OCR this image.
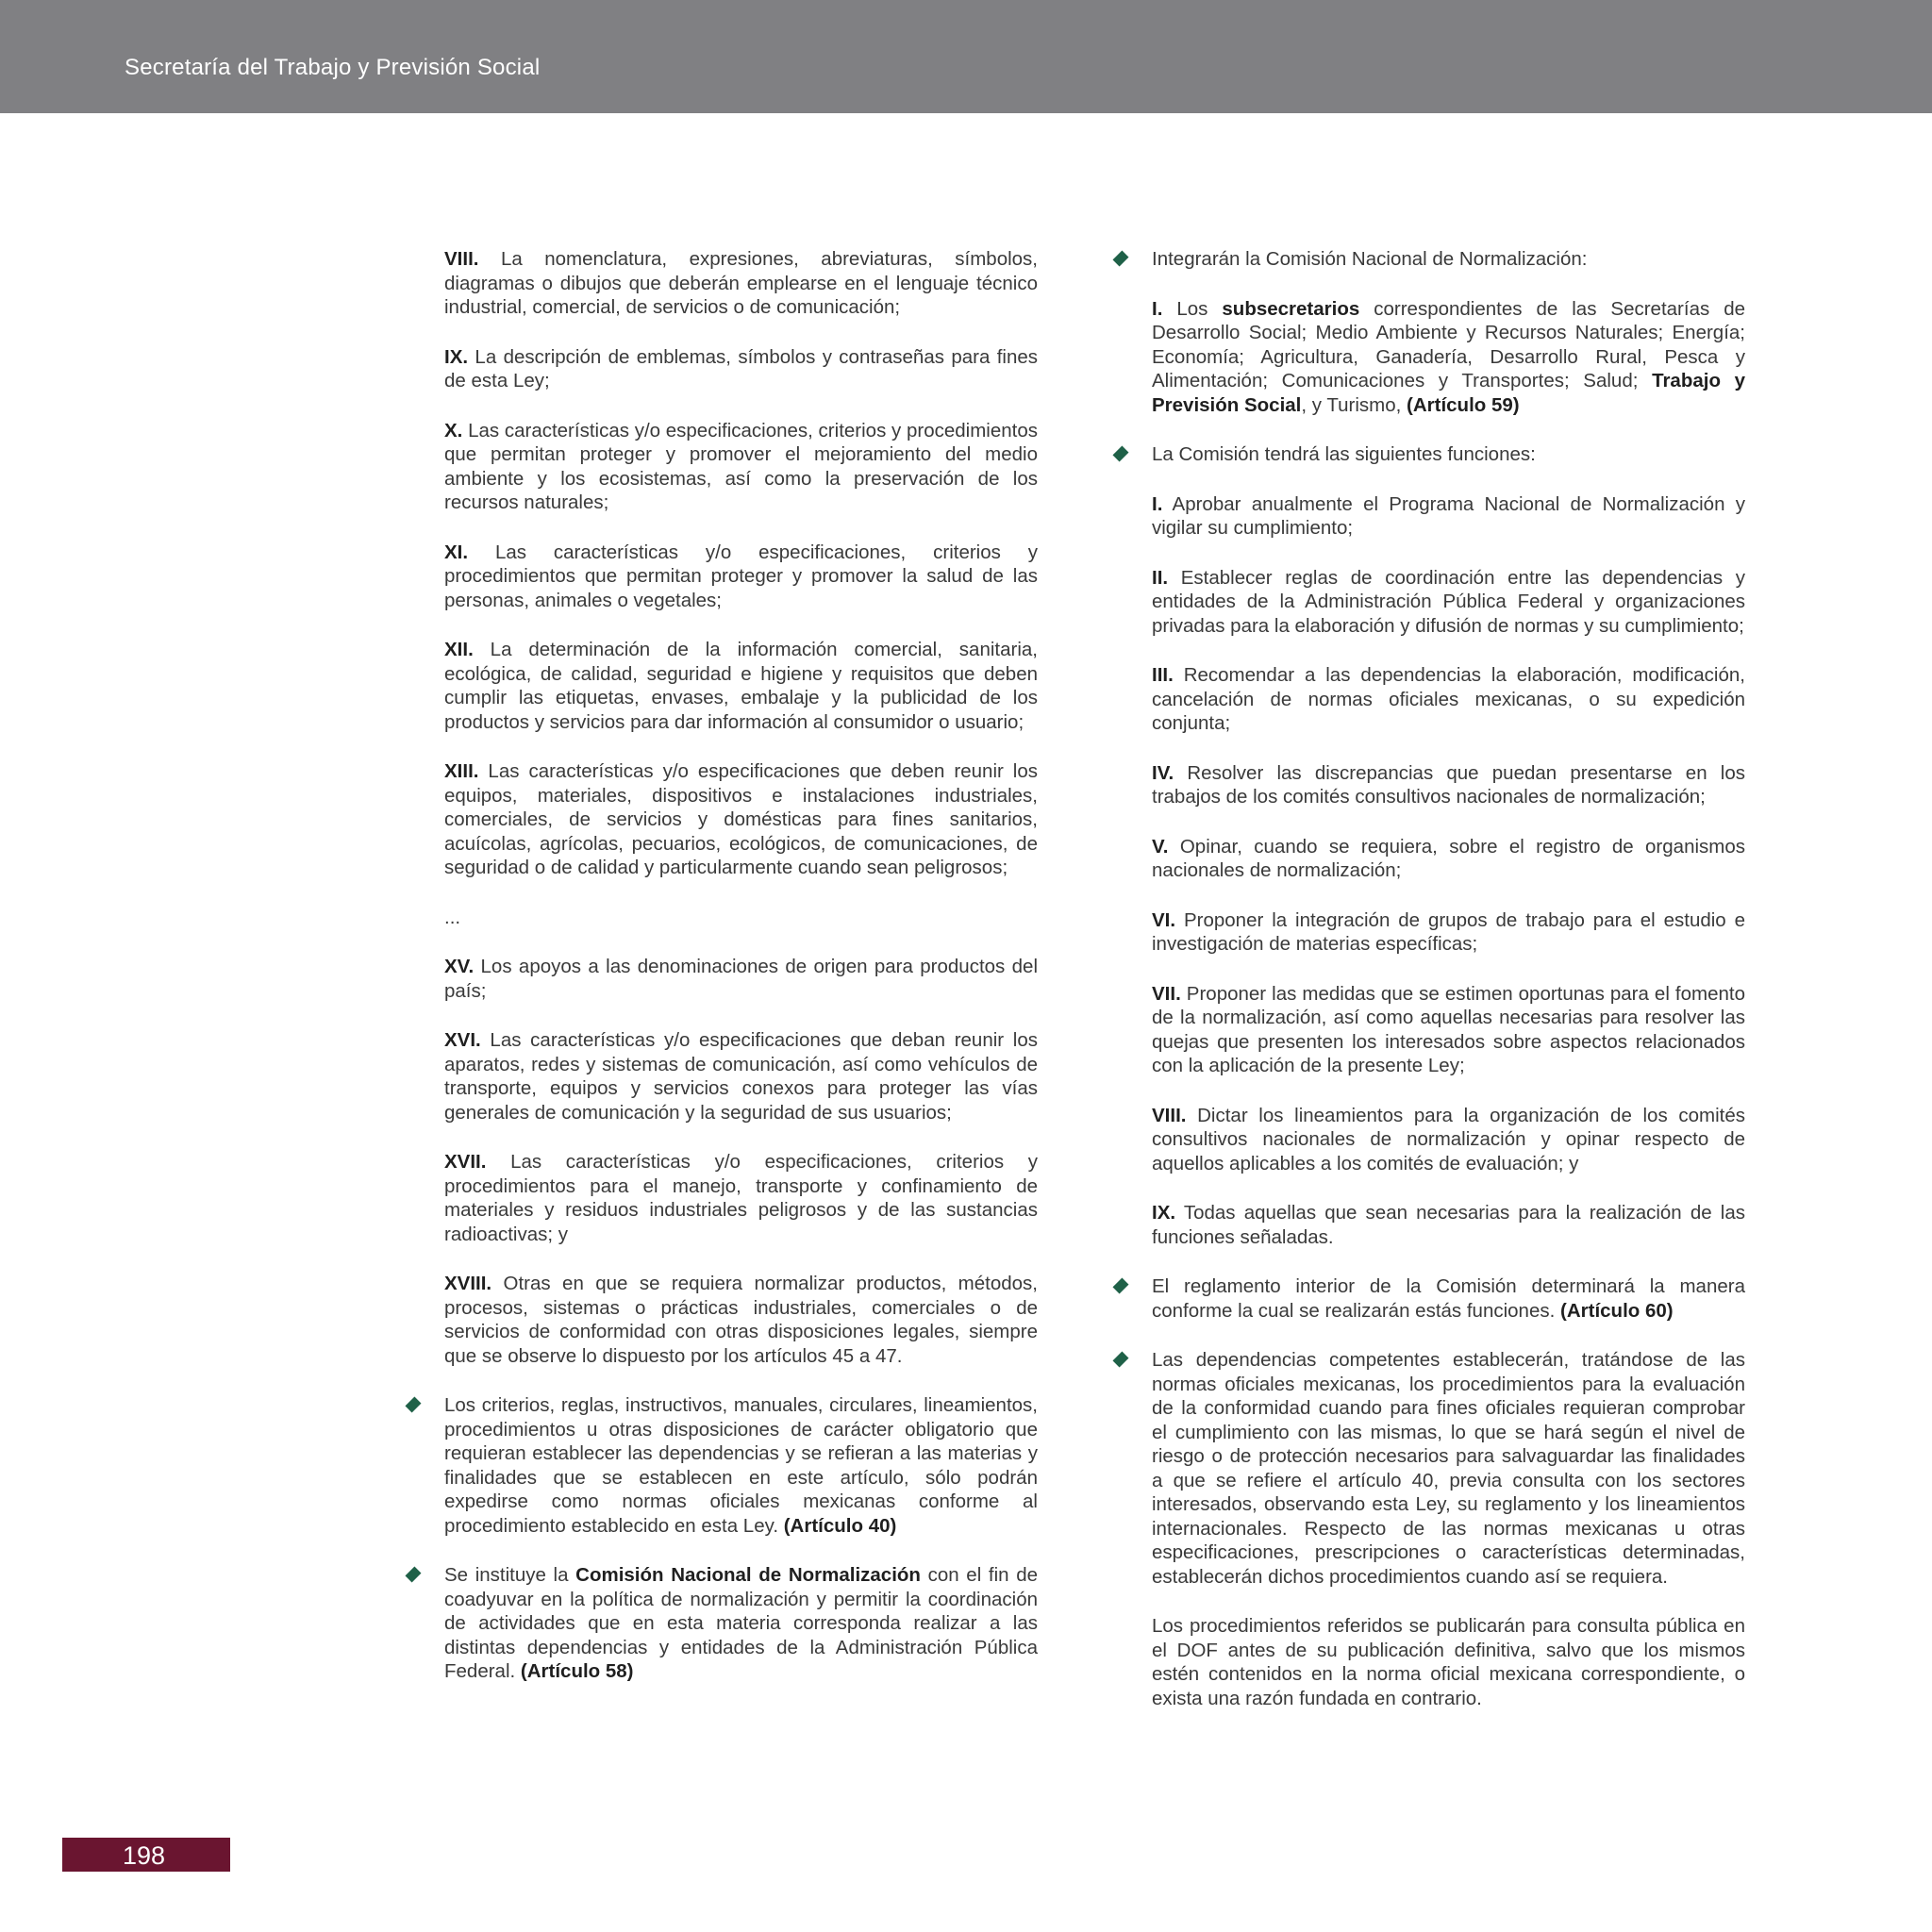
Secretaría del Trabajo y Previsión Social

VIII. La nomenclatura, expresiones, abreviaturas, símbolos, diagramas o dibujos que deberán emplearse en el lenguaje técnico industrial, comercial, de servicios o de comunicación;

IX. La descripción de emblemas, símbolos y contraseñas para fines de esta Ley;

X. Las características y/o especificaciones, criterios y procedimientos que permitan proteger y promover el mejoramiento del medio ambiente y los ecosistemas, así como la preservación de los recursos naturales;

XI. Las características y/o especificaciones, criterios y procedimientos que permitan proteger y promover la salud de las personas, animales o vegetales;

XII. La determinación de la información comercial, sanitaria, ecológica, de calidad, seguridad e higiene y requisitos que deben cumplir las etiquetas, envases, embalaje y la publicidad de los productos y servicios para dar información al consumidor o usuario;

XIII. Las características y/o especificaciones que deben reunir los equipos, materiales, dispositivos e instalaciones industriales, comerciales, de servicios y domésticas para fines sanitarios, acuícolas, agrícolas, pecuarios, ecológicos, de comunicaciones, de seguridad o de calidad y particularmente cuando sean peligrosos;

...

XV. Los apoyos a las denominaciones de origen para productos del país;

XVI. Las características y/o especificaciones que deban reunir los aparatos, redes y sistemas de comunicación, así como vehículos de transporte, equipos y servicios conexos para proteger las vías generales de comunicación y la seguridad de sus usuarios;

XVII. Las características y/o especificaciones, criterios y procedimientos para el manejo, transporte y confinamiento de materiales y residuos industriales peligrosos y de las sustancias radioactivas; y

XVIII. Otras en que se requiera normalizar productos, métodos, procesos, sistemas o prácticas industriales, comerciales o de servicios de conformidad con otras disposiciones legales, siempre que se observe lo dispuesto por los artículos 45 a 47.

Los criterios, reglas, instructivos, manuales, circulares, lineamientos, procedimientos u otras disposiciones de carácter obligatorio que requieran establecer las dependencias y se refieran a las materias y finalidades que se establecen en este artículo, sólo podrán expedirse como normas oficiales mexicanas conforme al procedimiento establecido en esta Ley. (Artículo 40)

Se instituye la Comisión Nacional de Normalización con el fin de coadyuvar en la política de normalización y permitir la coordinación de actividades que en esta materia corresponda realizar a las distintas dependencias y entidades de la Administración Pública Federal. (Artículo 58)

Integrarán la Comisión Nacional de Normalización:

I. Los subsecretarios correspondientes de las Secretarías de Desarrollo Social; Medio Ambiente y Recursos Naturales; Energía; Economía; Agricultura, Ganadería, Desarrollo Rural, Pesca y Alimentación; Comunicaciones y Transportes; Salud; Trabajo y Previsión Social, y Turismo, (Artículo 59)

La Comisión tendrá las siguientes funciones:

I. Aprobar anualmente el Programa Nacional de Normalización y vigilar su cumplimiento;

II. Establecer reglas de coordinación entre las dependencias y entidades de la Administración Pública Federal y organizaciones privadas para la elaboración y difusión de normas y su cumplimiento;

III. Recomendar a las dependencias la elaboración, modificación, cancelación de normas oficiales mexicanas, o su expedición conjunta;

IV. Resolver las discrepancias que puedan presentarse en los trabajos de los comités consultivos nacionales de normalización;

V. Opinar, cuando se requiera, sobre el registro de organismos nacionales de normalización;

VI. Proponer la integración de grupos de trabajo para el estudio e investigación de materias específicas;

VII. Proponer las medidas que se estimen oportunas para el fomento de la normalización, así como aquellas necesarias para resolver las quejas que presenten los interesados sobre aspectos relacionados con la aplicación de la presente Ley;

VIII. Dictar los lineamientos para la organización de los comités consultivos nacionales de normalización y opinar respecto de aquellos aplicables a los comités de evaluación; y

IX. Todas aquellas que sean necesarias para la realización de las funciones señaladas.

El reglamento interior de la Comisión determinará la manera conforme la cual se realizarán estás funciones. (Artículo 60)

Las dependencias competentes establecerán, tratándose de las normas oficiales mexicanas, los procedimientos para la evaluación de la conformidad cuando para fines oficiales requieran comprobar el cumplimiento con las mismas, lo que se hará según el nivel de riesgo o de protección necesarios para salvaguardar las finalidades a que se refiere el artículo 40, previa consulta con los sectores interesados, observando esta Ley, su reglamento y los lineamientos internacionales. Respecto de las normas mexicanas u otras especificaciones, prescripciones o características determinadas, establecerán dichos procedimientos cuando así se requiera.

Los procedimientos referidos se publicarán para consulta pública en el DOF antes de su publicación definitiva, salvo que los mismos estén contenidos en la norma oficial mexicana correspondiente, o exista una razón fundada en contrario.

198
